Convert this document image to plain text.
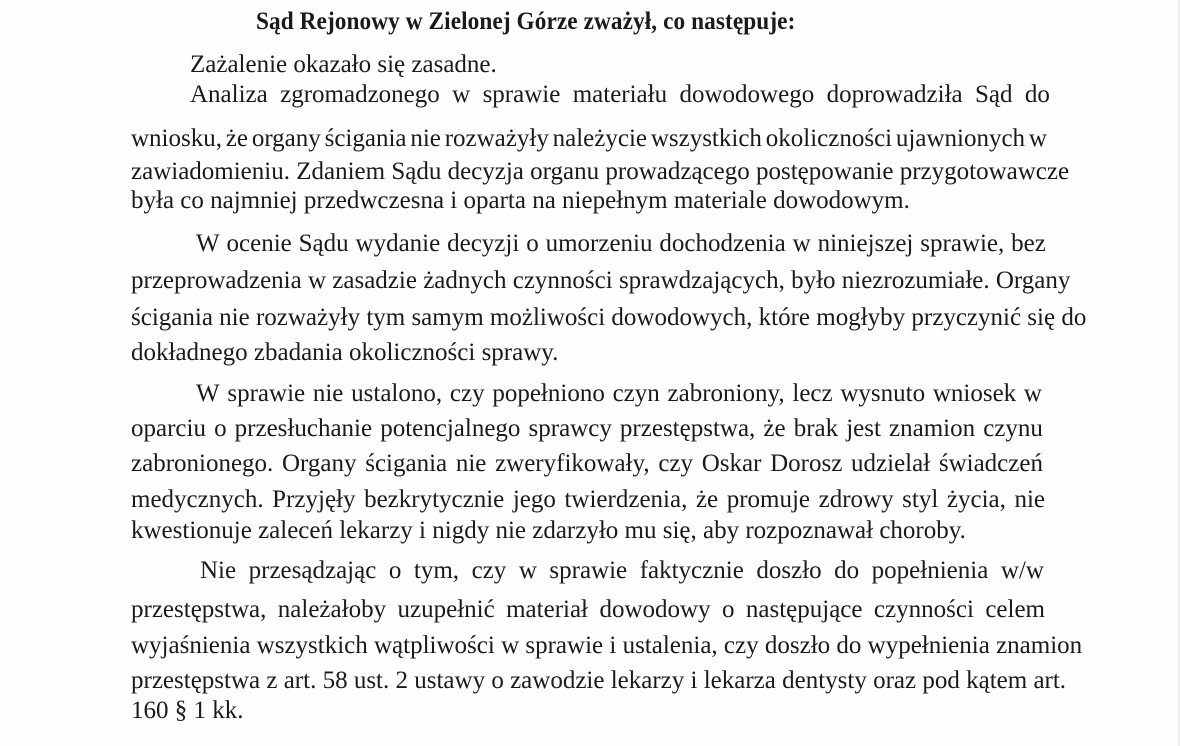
Sąd Rejonowy w Zielonej Górze zważył, co następuje:
Zażalenie okazało się zasadne.
Analiza zgromadzonego w sprawie materiału dowodowego doprowadziła Sąd do
wniosku, że organy ścigania nie rozważyły należycie wszystkich okoliczności ujawnionych w
zawiadomieniu. Zdaniem Sądu decyzja organu prowadzącego postępowanie przygotowawcze
była co najmniej przedwczesna i oparta na niepełnym materiale dowodowym.
W ocenie Sądu wydanie decyzji o umorzeniu dochodzenia w niniejszej sprawie, bez
przeprowadzenia w zasadzie żadnych czynności sprawdzających, było niezrozumiałe. Organy
ścigania nie rozważyły tym samym możliwości dowodowych, które mogłyby przyczynić się do
dokładnego zbadania okoliczności sprawy.
W sprawie nie ustalono, czy popełniono czyn zabroniony, lecz wysnuto wniosek w
oparciu o przesłuchanie potencjalnego sprawcy przestępstwa, że brak jest znamion czynu
zabronionego. Organy ścigania nie zweryfikowały, czy Oskar Dorosz udzielał świadczeń
medycznych. Przyjęły bezkrytycznie jego twierdzenia, że promuje zdrowy styl życia, nie
kwestionuje zaleceń lekarzy i nigdy nie zdarzyło mu się, aby rozpoznawał choroby.
Nie przesądzając o tym, czy w sprawie faktycznie doszło do popełnienia w/w
przestępstwa, należałoby uzupełnić materiał dowodowy o następujące czynności celem
wyjaśnienia wszystkich wątpliwości w sprawie i ustalenia, czy doszło do wypełnienia znamion
przestępstwa z art. 58 ust. 2 ustawy o zawodzie lekarzy i lekarza dentysty oraz pod kątem art.
160 § 1 kk.
